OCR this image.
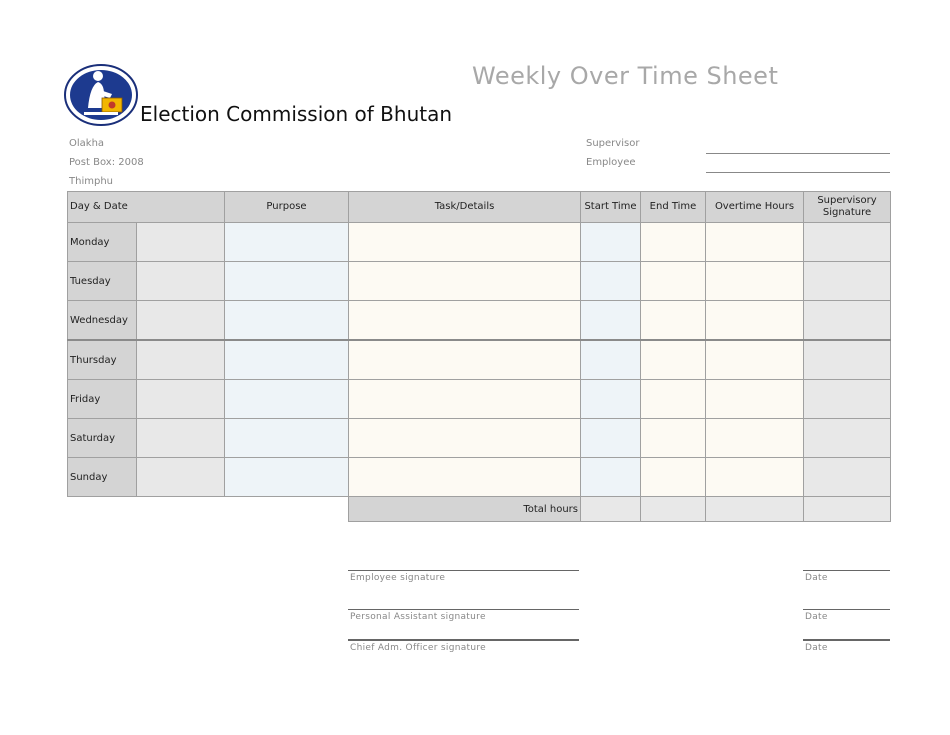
Weekly Over Time Sheet
Election Commission of Bhutan
Olakha
Post Box: 2008
Thimphu
Supervisor
Employee
Day & Date		Purpose	Task/Details	Start Time	End Time	Overtime Hours	Supervisory Signature
Monday							
Tuesday							
Wednesday							
Thursday							
Friday							
Saturday							
Sunday							
			Total hours				
Employee signature	Date
Personal Assistant signature	Date
Chief Adm. Officer signature	Date
